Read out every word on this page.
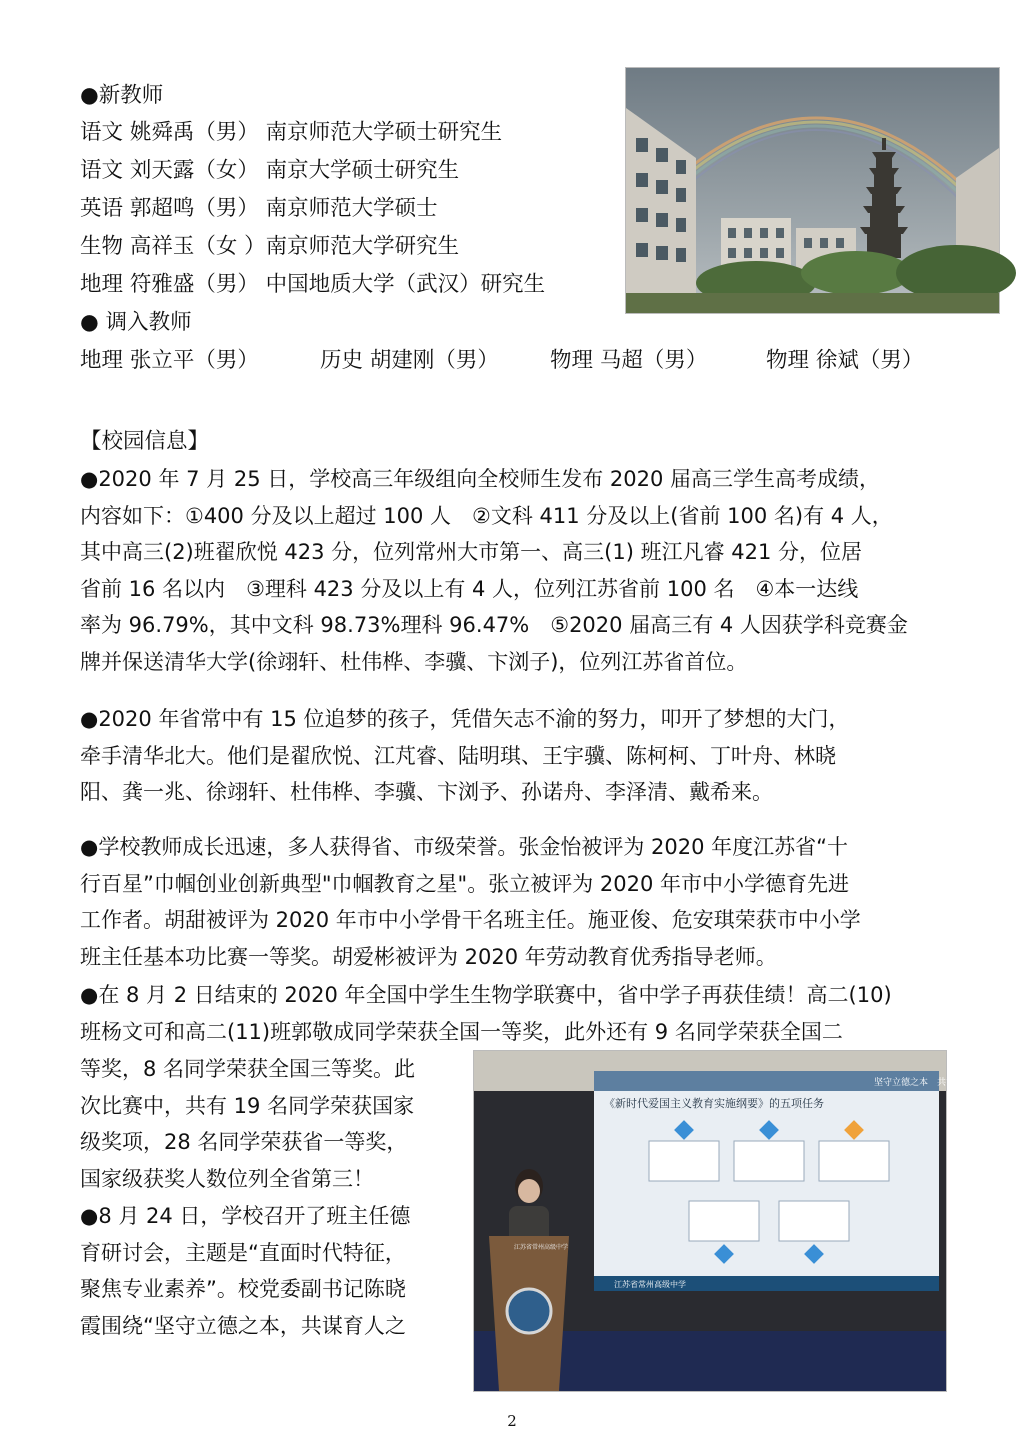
●新教师
语文 姚舜禹（男） 南京师范大学硕士研究生
语文 刘天露（女） 南京大学硕士研究生
英语 郭超鸣（男） 南京师范大学硕士
生物 高祥玉（女 ）南京师范大学研究生
地理 符雅盛（男） 中国地质大学（武汉）研究生
● 调入教师
地理 张立平（男）	历史 胡建刚（男） 物理 马超（男）	物理 徐斌（男）
【校园信息】
●2020 年 7 月 25 日，学校高三年级组向全校师生发布 2020 届高三学生高考成绩，
内容如下：①400 分及以上超过 100 人　②文科 411 分及以上(省前 100 名)有 4 人，
其中高三(2)班翟欣悦 423 分，位列常州大市第一、高三(1) 班江凡睿 421 分，位居
省前 16 名以内　③理科 423 分及以上有 4 人，位列江苏省前 100 名　④本一达线
率为 96.79%，其中文科 98.73%理科 96.47%　⑤2020 届高三有 4 人因获学科竞赛金
牌并保送清华大学(徐翊轩、杜伟桦、李骥、卞浏子)，位列江苏省首位。
●2020 年省常中有 15 位追梦的孩子，凭借矢志不渝的努力，叩开了梦想的大门，
牵手清华北大。他们是翟欣悦、江芃睿、陆明琪、王宇骥、陈柯柯、丁叶舟、林晓
阳、龚一兆、徐翊轩、杜伟桦、李骥、卞浏予、孙诺舟、李泽清、戴希来。
●学校教师成长迅速，多人获得省、市级荣誉。张金怡被评为 2020 年度江苏省“十
行百星”巾帼创业创新典型"巾帼教育之星"。张立被评为 2020 年市中小学德育先进
工作者。胡甜被评为 2020 年市中小学骨干名班主任。施亚俊、危安琪荣获市中小学
班主任基本功比赛一等奖。胡爱彬被评为 2020 年劳动教育优秀指导老师。
●在 8 月 2 日结束的 2020 年全国中学生生物学联赛中，省中学子再获佳绩！高二(10)
班杨文可和高二(11)班郭敬成同学荣获全国一等奖，此外还有 9 名同学荣获全国二
等奖，8 名同学荣获全国三等奖。此
次比赛中，共有 19 名同学荣获国家
级奖项，28 名同学荣获省一等奖，
国家级获奖人数位列全省第三！
●8 月 24 日，学校召开了班主任德
育研讨会，主题是“直面时代特征，
聚焦专业素养”。校党委副书记陈晓
霞围绕“坚守立德之本，共谋育人之
坚守立德之本　共谋育人之明
《新时代爱国主义教育实施纲要》的五项任务
江苏省常州高级中学
江苏省常州高级中学
2
